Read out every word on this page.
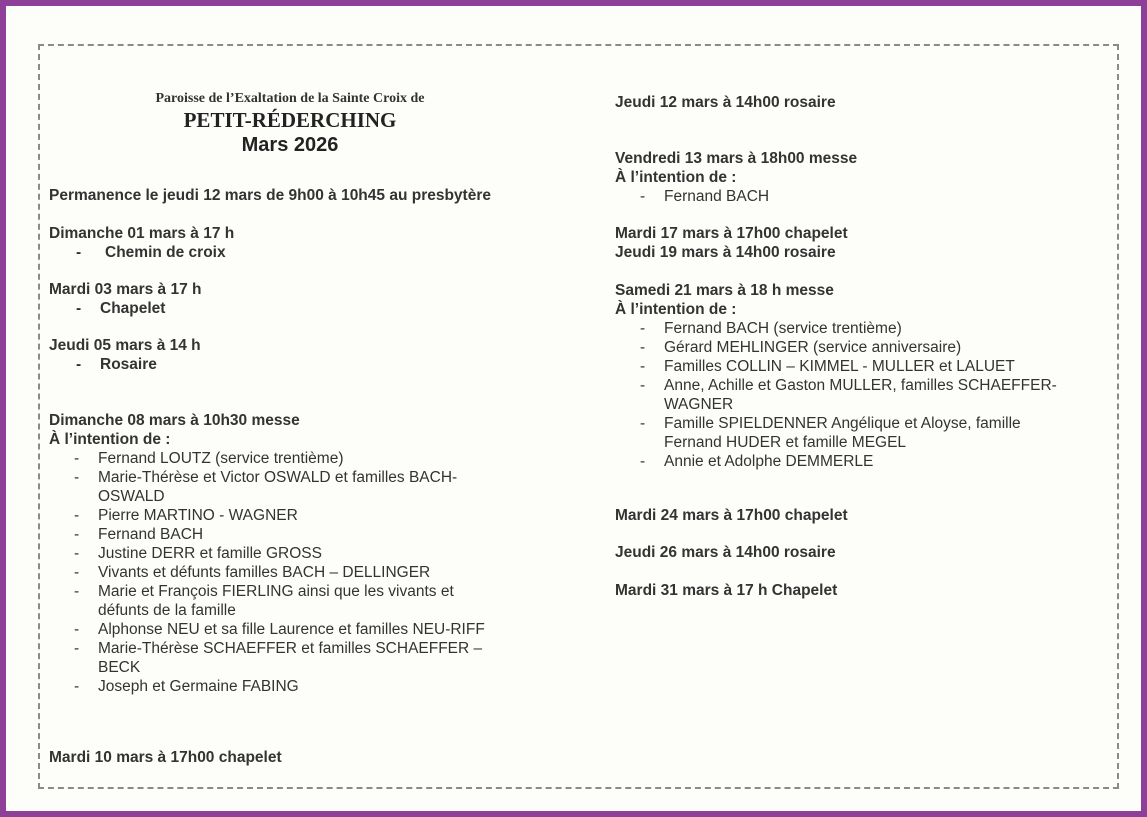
Paroisse de l’Exaltation de la Sainte Croix de
PETIT-RÉDERCHING
Mars 2026
Permanence le jeudi 12 mars de 9h00 à 10h45 au presbytère
Dimanche 01 mars à 17 h
- Chemin de croix
Mardi 03 mars à 17 h
- Chapelet
Jeudi 05 mars à 14 h
- Rosaire
Dimanche 08 mars à 10h30 messe
À l’intention de :
- Fernand LOUTZ (service trentième)
- Marie-Thérèse et Victor OSWALD et familles BACH-
OSWALD
- Pierre MARTINO - WAGNER
- Fernand BACH
- Justine DERR et famille GROSS
- Vivants et défunts familles BACH – DELLINGER
- Marie et François FIERLING ainsi que les vivants et
défunts de la famille
- Alphonse NEU et sa fille Laurence et familles NEU-RIFF
- Marie-Thérèse SCHAEFFER et familles SCHAEFFER –
BECK
- Joseph et Germaine FABING
Mardi 10 mars à 17h00 chapelet
Jeudi 12 mars à 14h00 rosaire
Vendredi 13 mars à 18h00 messe
À l’intention de :
- Fernand BACH
Mardi 17 mars à 17h00 chapelet
Jeudi 19 mars à 14h00 rosaire
Samedi 21 mars à 18 h messe
À l’intention de :
- Fernand BACH (service trentième)
- Gérard MEHLINGER (service anniversaire)
- Familles COLLIN – KIMMEL - MULLER et LALUET
- Anne, Achille et Gaston MULLER, familles SCHAEFFER-
WAGNER
- Famille SPIELDENNER Angélique et Aloyse, famille
Fernand HUDER et famille MEGEL
- Annie et Adolphe DEMMERLE
Mardi 24 mars à 17h00 chapelet
Jeudi 26 mars à 14h00 rosaire
Mardi 31 mars à 17 h Chapelet
